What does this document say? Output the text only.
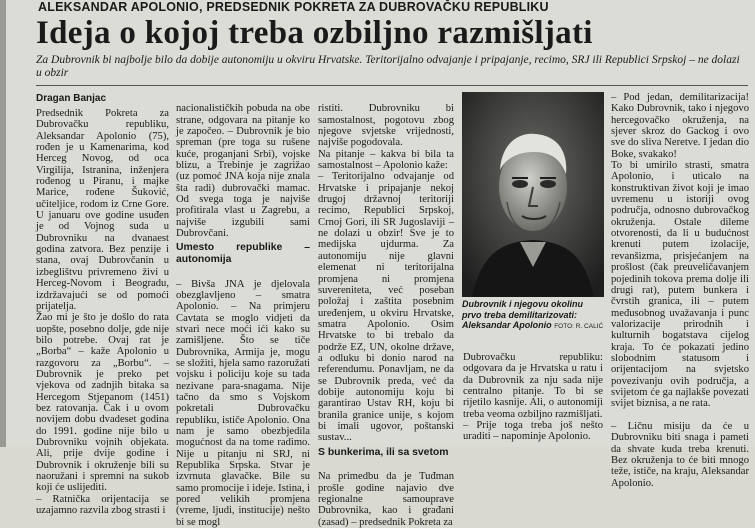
ALEKSANDAR APOLONIO, PREDSEDNIK POKRETA ZA DUBROVAČKU REPUBLIKU
Ideja o kojoj treba ozbiljno razmišljati
Za Dubrovnik bi najbolje bilo da dobije autonomiju u okviru Hrvatske. Teritorijalno odvajanje i pripajanje, recimo, SRJ ili Republici Srpskoj – ne dolazi u obzir
Dragan Banjac
Predsednik Pokreta za Dubrovačku republiku, Aleksandar Apolonio (75), rođen je u Kamenarima, kod Herceg Novog, od oca Virgilija, Istranina, inženjera rođenog u Piranu, i majke Marice, rođene Šuković, učiteljice, rodom iz Crne Gore. U januaru ove godine usuđen je od Vojnog suda u Dubrovniku na dvanaest godina zatvora. Bez penzije i stana, ovaj Dubrovčanin u izbeglištvu privremeno živi u Herceg-Novom i Beogradu, izdržavajući se od pomoći prijatelja.
Žao mi je što je došlo do rata uopšte, posebno dolje, gde nije bilo potrebe. Ovaj rat je „Borba“ – kaže Apolonio u razgovoru za „Borbu“. – Dubrovnik je preko pet vjekova od zadnjih bitaka sa Hercegom Stjepanom (1451) bez ratovanja. Čak i u ovom novijem dobu dvadeset godina do 1991. godine nije bilo u Dubrovniku vojnih objekata. Ali, prije dvije godine i Dubrovnik i okruženje bili su naoružani i spremni na sukob koji će uslijediti.
– Ratnička orijentacija se uzajamno razvila zbog strasti i

nacionalističkih pobuda na obe strane, odgovara na pitanje ko je započeo. – Dubrovnik je bio spreman (pre toga su rušene kuće, proganjani Srbi), vojske blizu, a Trebinje je zagrižao (uz pomoć JNA koja nije znala šta radi) dubrovački mamac. Od svega toga je najviše profitirala vlast u Zagrebu, a najviše izgubili sami Dubrovčani.

Umesto republike – autonomija

– Bivša JNA je djelovala obezglavljeno – smatra Apolonio. – Na primjeru Cavtata se moglo vidjeti da stvari nece moći ići kako su zamišljene. Što se tiče Dubrovnika, Armija je, mogu se složiti, hjela samo razoružati vojsku i policiju koje su tada nezivane para-snagama. Nije tačno da smo s Vojskom pokretali Dubrovačku republiku, ističe Apolonio. Ona nam je samo obezbjedila mogućnost da na tome radimo. Nije u pitanju ni SRJ, ni Republika Srpska. Stvar je izvrnuta glavačke. Bile su samo promocije i ideje. Istina, i pored velikih promjena (vreme, ljudi, institucije) nešto bi se mogl

ristiti. Dubrovniku bi samostalnost, pogotovu zbog njegove svjetske vrijednosti, najviše pogodovala.
Na pitanje – kakva bi bila ta samostalnost – Apolonio kaže:
– Teritorijalno odvajanje od Hrvatske i pripajanje nekoj drugoj državnoj teritoriji recimo, Republici Srpskoj, Crnoj Gori, ili SR Jugoslaviji – ne dolazi u obzir! Sve je to medijska ujdurma. Za autonomiju nije glavni elemenat ni teritorijalna promjena ni promjena suvereniteta, već poseban položaj i zaštita posebnim uređenjem, u okviru Hrvatske, smatra Apolonio. Osim Hrvatske to bi trebalo da podrže EZ, UN, okolne države, a odluku bi donio narod na referendumu. Ponavljam, ne da se Dubrovnik preda, već da dobije autonomiju koju bi garantirao Ustav RH, koju bi branila granice unije, s kojom bi imali ugovor, poštanski sustav...

S bunkerima, ili sa svetom

Na primedbu da je Tuđman prošle godine najavio dve regionalne samouprave Dubrovnika, kao i građani (zasad) – predsednik Pokreta za

Dubrovnik i njegovu okolinu prvo treba demilitarizovati: Aleksandar Apolonio FOTO: R. CALIĆ
Dubrovačku republiku: odgovara da je Hrvatska u ratu i da Dubrovnik za nju sada nije centralno pitanje. To bi se rijetilo kasnije. Ali, o autonomiji treba veoma ozbiljno razmišljati.
– Prije toga treba još nešto uraditi – napominje Apolonio.
– Pod jedan, demilitarizacija! Kako Dubrovnik, tako i njegovo hercegovačko okruženja, na sjever skroz do Gackog i ovo sve do sliva Neretve. I jedan dio Boke, svakako!
To bi umirilo strasti, smatra Apolonio, i uticalo na konstruktivan život koji je imao uvremenu u istoriji ovog područja, odnosno dubrovačkog okruženja. Ostale dileme otvorenosti, da li u budućnost krenuti putem izolacije, revanšizma, prisjećanjem na prošlost (čak preuveličavanjem pojedinih tokova prema dolje ili drugi rat), putem bunkera i čvrstih granica, ili – putem međusobnog uvažavanja i punc valorizacije prirodnih i kulturnih bogatstava cijelog kraja. To će pokazati jedino slobodnim statusom i orijentacijom na svjetsko povezivanju ovih područja, a svijetom će ga najlakše povezati svijet biznisa, a ne rata.

– Ličnu misiju da će u Dubrovniku biti snaga i pameti da shvate kuda treba krenuti. Bez okruženja to će biti mnogo teže, ističe, na kraju, Aleksandar Apolonio.
